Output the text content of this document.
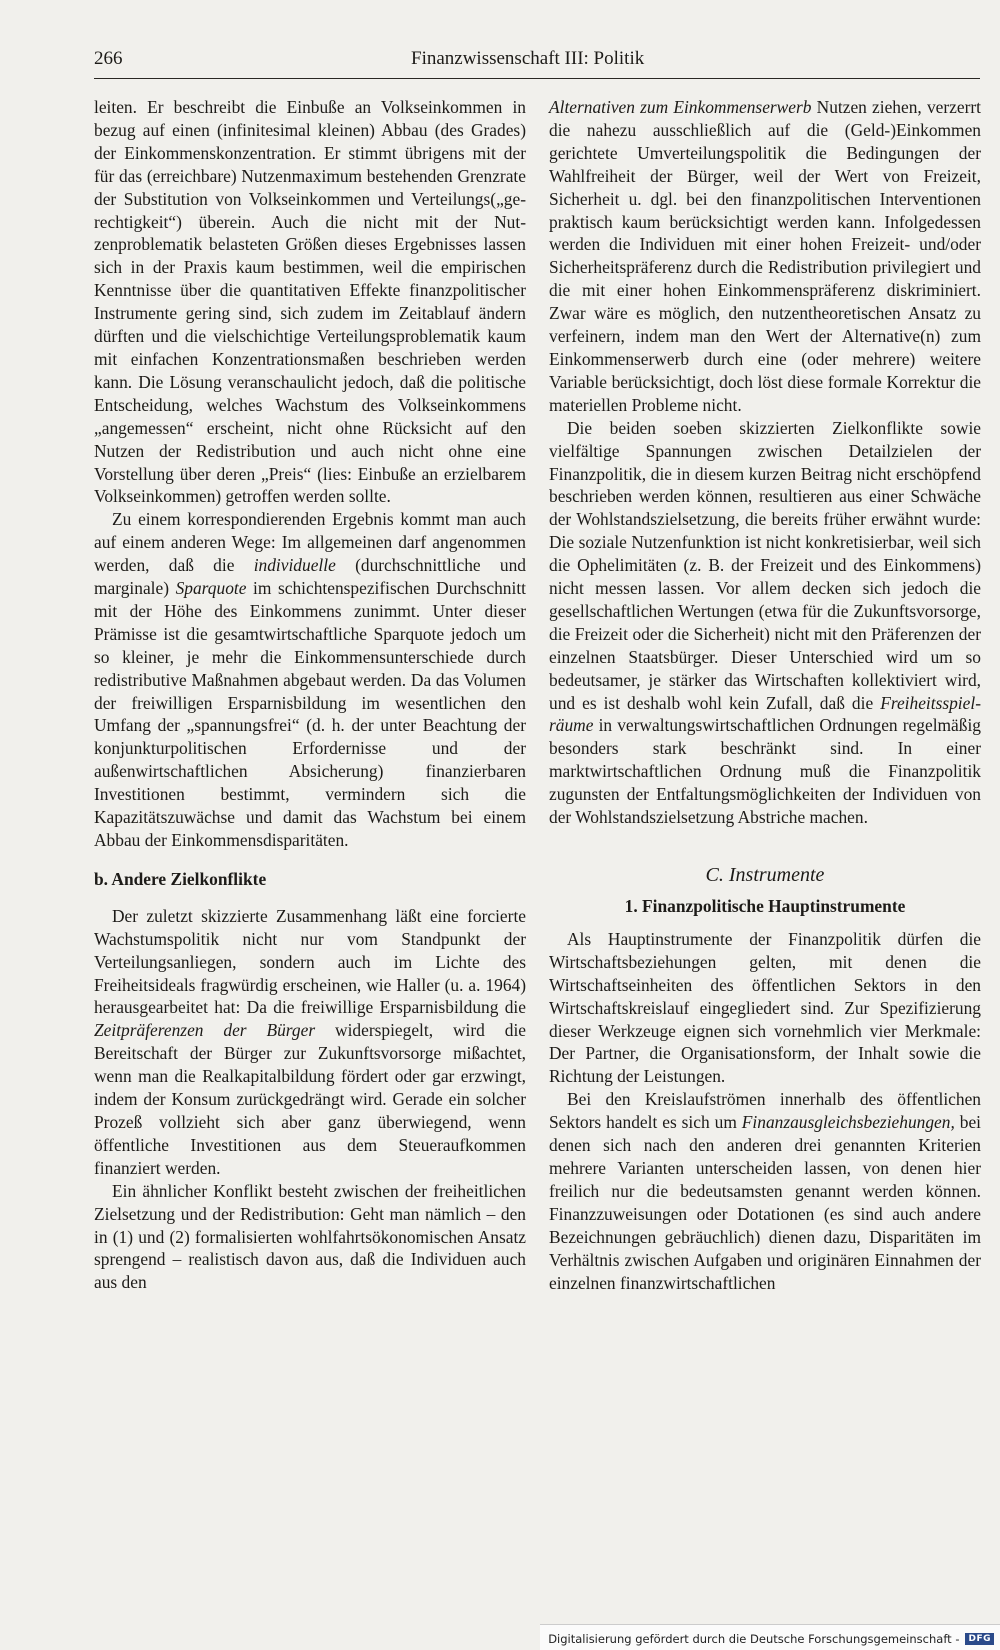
266	Finanzwissenschaft III: Politik

leiten. Er beschreibt die Einbuße an Volkseinkommen in bezug auf einen (infinitesimal kleinen) Abbau (des Grades) der Einkommenskonzentration. Er stimmt übrigens mit der für das (erreichbare) Nutzenmaximum bestehenden Grenzrate der Substitution von Volkseinkommen und Verteilungs(„gerechtigkeit“) überein. Auch die nicht mit der Nutzenproblematik belasteten Größen dieses Ergebnisses lassen sich in der Praxis kaum bestimmen, weil die empirischen Kenntnisse über die quantitativen Effekte finanzpolitischer Instrumente gering sind, sich zudem im Zeitablauf ändern dürften und die vielschichtige Verteilungsproblematik kaum mit einfachen Konzentrationsmaßen beschrieben werden kann. Die Lösung veranschaulicht jedoch, daß die politische Entscheidung, welches Wachstum des Volkseinkommens „angemessen“ erscheint, nicht ohne Rücksicht auf den Nutzen der Redistribution und auch nicht ohne eine Vorstellung über deren „Preis“ (lies: Einbuße an erzielbarem Volkseinkommen) getroffen werden sollte.

Zu einem korrespondierenden Ergebnis kommt man auch auf einem anderen Wege: Im allgemeinen darf angenommen werden, daß die individuelle (durchschnittliche und marginale) Sparquote im schichtenspezifischen Durchschnitt mit der Höhe des Einkommens zunimmt. Unter dieser Prämisse ist die gesamtwirtschaftliche Sparquote jedoch um so kleiner, je mehr die Einkommensunterschiede durch redistributive Maßnahmen abgebaut werden. Da das Volumen der freiwilligen Ersparnisbildung im wesentlichen den Umfang der „spannungsfrei“ (d. h. der unter Beachtung der konjunkturpolitischen Erfordernisse und der außenwirtschaftlichen Absicherung) finanzierbaren Investitionen bestimmt, vermindern sich die Kapazitätszuwächse und damit das Wachstum bei einem Abbau der Einkommensdisparitäten.

b. Andere Zielkonflikte

Der zuletzt skizzierte Zusammenhang läßt eine forcierte Wachstumspolitik nicht nur vom Standpunkt der Verteilungsanliegen, sondern auch im Lichte des Freiheitsideals fragwürdig erscheinen, wie Haller (u. a. 1964) herausgearbeitet hat: Da die freiwillige Ersparnisbildung die Zeitpräferenzen der Bürger widerspiegelt, wird die Bereitschaft der Bürger zur Zukunftsvorsorge mißachtet, wenn man die Realkapitalbildung fördert oder gar erzwingt, indem der Konsum zurückgedrängt wird. Gerade ein solcher Prozeß vollzieht sich aber ganz überwiegend, wenn öffentliche Investitionen aus dem Steueraufkommen finanziert werden.

Ein ähnlicher Konflikt besteht zwischen der freiheitlichen Zielsetzung und der Redistribution: Geht man nämlich – den in (1) und (2) formalisierten wohlfahrtsökonomischen Ansatz sprengend – realistisch davon aus, daß die Individuen auch aus den

Alternativen zum Einkommenserwerb Nutzen ziehen, verzerrt die nahezu ausschließlich auf die (Geld-)Einkommen gerichtete Umverteilungspolitik die Bedingungen der Wahlfreiheit der Bürger, weil der Wert von Freizeit, Sicherheit u. dgl. bei den finanzpolitischen Interventionen praktisch kaum berücksichtigt werden kann. Infolgedessen werden die Individuen mit einer hohen Freizeit- und/oder Sicherheitspräferenz durch die Redistribution privilegiert und die mit einer hohen Einkommenspräferenz diskriminiert. Zwar wäre es möglich, den nutzentheoretischen Ansatz zu verfeinern, indem man den Wert der Alternative(n) zum Einkommenserwerb durch eine (oder mehrere) weitere Variable berücksichtigt, doch löst diese formale Korrektur die materiellen Probleme nicht.

Die beiden soeben skizzierten Zielkonflikte sowie vielfältige Spannungen zwischen Detailzielen der Finanzpolitik, die in diesem kurzen Beitrag nicht erschöpfend beschrieben werden können, resultieren aus einer Schwäche der Wohlstandszielsetzung, die bereits früher erwähnt wurde: Die soziale Nutzenfunktion ist nicht konkretisierbar, weil sich die Ophelimitäten (z. B. der Freizeit und des Einkommens) nicht messen lassen. Vor allem decken sich jedoch die gesellschaftlichen Wertungen (etwa für die Zukunftsvorsorge, die Freizeit oder die Sicherheit) nicht mit den Präferenzen der einzelnen Staatsbürger. Dieser Unterschied wird um so bedeutsamer, je stärker das Wirtschaften kollektiviert wird, und es ist deshalb wohl kein Zufall, daß die Freiheitsspielräume in verwaltungswirtschaftlichen Ordnungen regelmäßig besonders stark beschränkt sind. In einer marktwirtschaftlichen Ordnung muß die Finanzpolitik zugunsten der Entfaltungsmöglichkeiten der Individuen von der Wohlstandszielsetzung Abstriche machen.

C. Instrumente
1. Finanzpolitische Hauptinstrumente

Als Hauptinstrumente der Finanzpolitik dürfen die Wirtschaftsbeziehungen gelten, mit denen die Wirtschaftseinheiten des öffentlichen Sektors in den Wirtschaftskreislauf eingegliedert sind. Zur Spezifizierung dieser Werkzeuge eignen sich vornehmlich vier Merkmale: Der Partner, die Organisationsform, der Inhalt sowie die Richtung der Leistungen.

Bei den Kreislaufströmen innerhalb des öffentlichen Sektors handelt es sich um Finanzausgleichsbeziehungen, bei denen sich nach den anderen drei genannten Kriterien mehrere Varianten unterscheiden lassen, von denen hier freilich nur die bedeutsamsten genannt werden können. Finanzzuweisungen oder Dotationen (es sind auch andere Bezeichnungen gebräuchlich) dienen dazu, Disparitäten im Verhältnis zwischen Aufgaben und originären Einnahmen der einzelnen finanzwirtschaftlichen

Digitalisierung gefördert durch die Deutsche Forschungsgemeinschaft -	DFG
